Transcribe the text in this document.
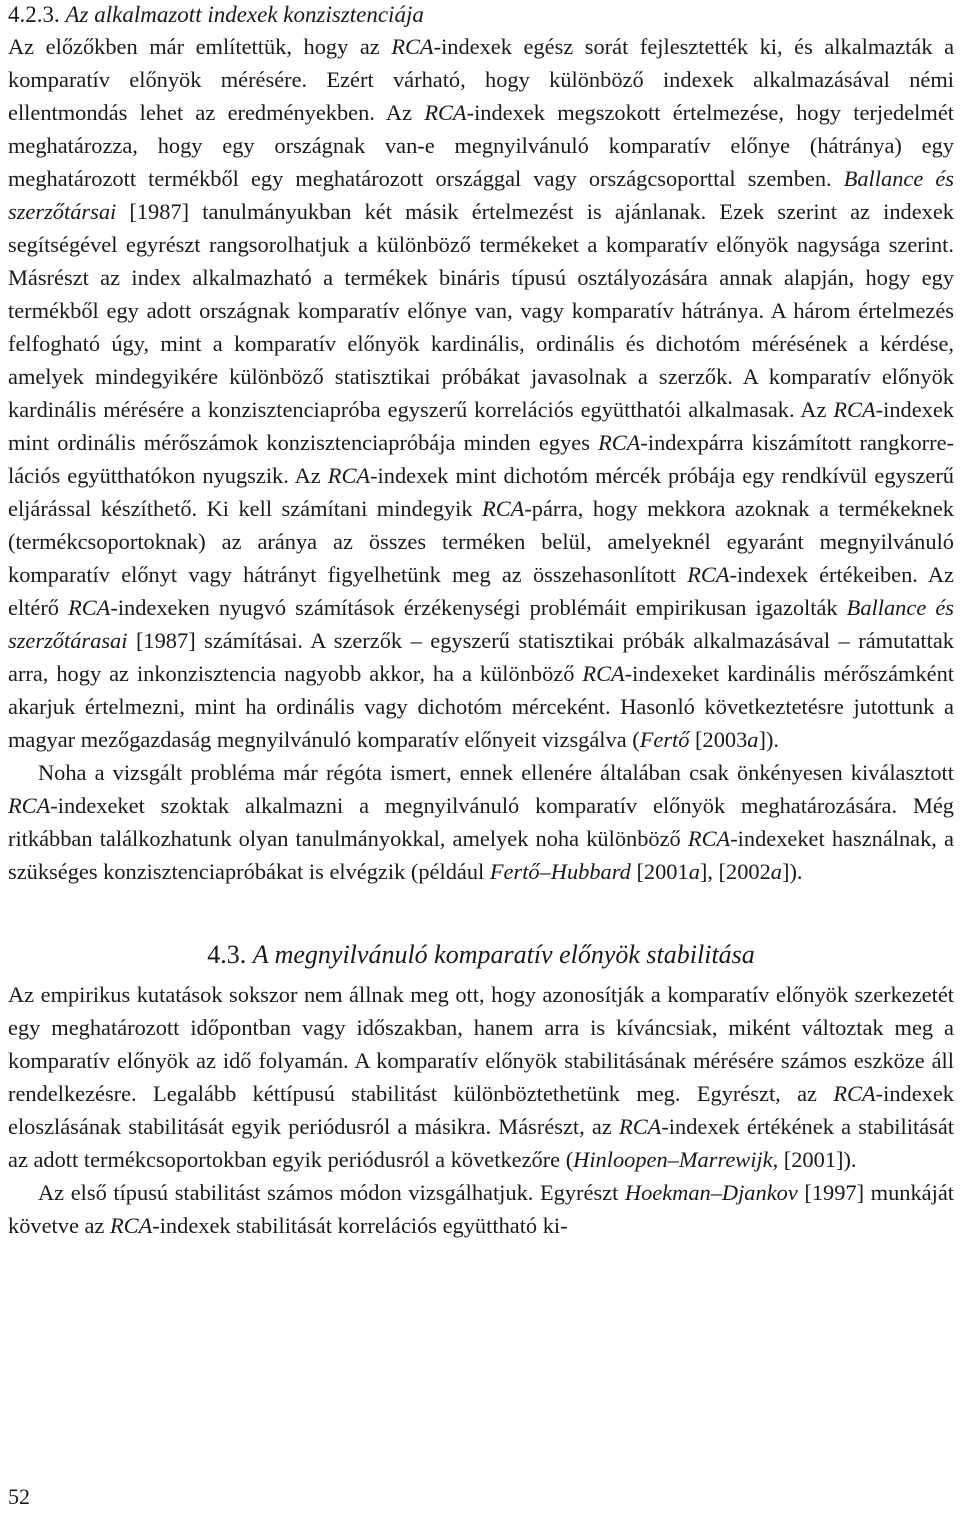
4.2.3. Az alkalmazott indexek konzisztenciája

Az előzőkben már említettük, hogy az RCA-indexek egész sorát fejlesztették ki, és alkalmazták a komparatív előnyök mérésére. Ezért várható, hogy különböző indexek alkalmazásával némi ellentmondás lehet az eredményekben. Az RCA-indexek megszokott értelmezése, hogy terjedelmét meghatározza, hogy egy országnak van-e megnyilvánuló komparatív előnye (hátránya) egy meghatározott termékből egy meghatározott országgal vagy országcsoporttal szemben. Ballance és szerzőtársai [1987] tanulmányukban két másik értelmezést is ajánlanak. Ezek szerint az indexek segítségével egyrészt rangsorolhatjuk a különböző termékeket a komparatív előnyök nagysága szerint. Másrészt az index alkalmazható a termékek bináris típusú osztályozására annak alapján, hogy egy termékből egy adott országnak komparatív előnye van, vagy komparatív hátránya. A három értelmezés felfogható úgy, mint a komparatív előnyök kardinális, ordinális és dichotóm mérésének a kérdése, amelyek mindegyikére különböző statisztikai próbákat javasolnak a szerzők. A komparatív előnyök kardinális mérésére a konzisztenciapróba egyszerű korrelációs együtthatói alkalmasak. Az RCA-indexek mint ordinális mérőszámok konzisztenciapróbája minden egyes RCA-indexpárra kiszámított rangkorrelációs együtthatókon nyugszik. Az RCA-indexek mint dichotóm mércék próbája egy rendkívül egyszerű eljárással készíthető. Ki kell számítani mindegyik RCA-párra, hogy mekkora azoknak a termékeknek (termékcsoportoknak) az aránya az összes terméken belül, amelyeknél egyaránt megnyilvánuló komparatív előnyt vagy hátrányt figyelhetünk meg az összehasonlított RCA-indexek értékeiben. Az eltérő RCA-indexeken nyugvó számítások érzékenységi problémáit empirikusan igazolták Ballance és szerzőtárasai [1987] számításai. A szerzők – egyszerű statisztikai próbák alkalmazásával – rámutattak arra, hogy az inkonzisztencia nagyobb akkor, ha a különböző RCA-indexeket kardinális mérőszámként akarjuk értelmezni, mint ha ordinális vagy dichotóm mérceként. Hasonló következtetésre jutottunk a magyar mezőgazdaság megnyilvánuló komparatív előnyeit vizsgálva (Fertő [2003a]).

Noha a vizsgált probléma már régóta ismert, ennek ellenére általában csak önkényesen kiválasztott RCA-indexeket szoktak alkalmazni a megnyilvánuló komparatív előnyök meghatározására. Még ritkábban találkozhatunk olyan tanulmányokkal, amelyek noha különböző RCA-indexeket használnak, a szükséges konzisztenciapróbákat is elvégzik (például Fertő–Hubbard [2001a], [2002a]).

4.3. A megnyilvánuló komparatív előnyök stabilitása

Az empirikus kutatások sokszor nem állnak meg ott, hogy azonosítják a komparatív előnyök szerkezetét egy meghatározott időpontban vagy időszakban, hanem arra is kíváncsiak, miként változtak meg a komparatív előnyök az idő folyamán. A komparatív előnyök stabilitásának mérésére számos eszköze áll rendelkezésre. Legalább kéttípusú stabilitást különböztethetünk meg. Egyrészt, az RCA-indexek eloszlásának stabilitását egyik periódusról a másikra. Másrészt, az RCA-indexek értékének a stabilitását az adott termékcsoportokban egyik periódusról a következőre (Hinloopen–Marrewijk, [2001]).

Az első típusú stabilitást számos módon vizsgálhatjuk. Egyrészt Hoekman–Djankov [1997] munkáját követve az RCA-indexek stabilitását korrelációs együttható ki-

52
